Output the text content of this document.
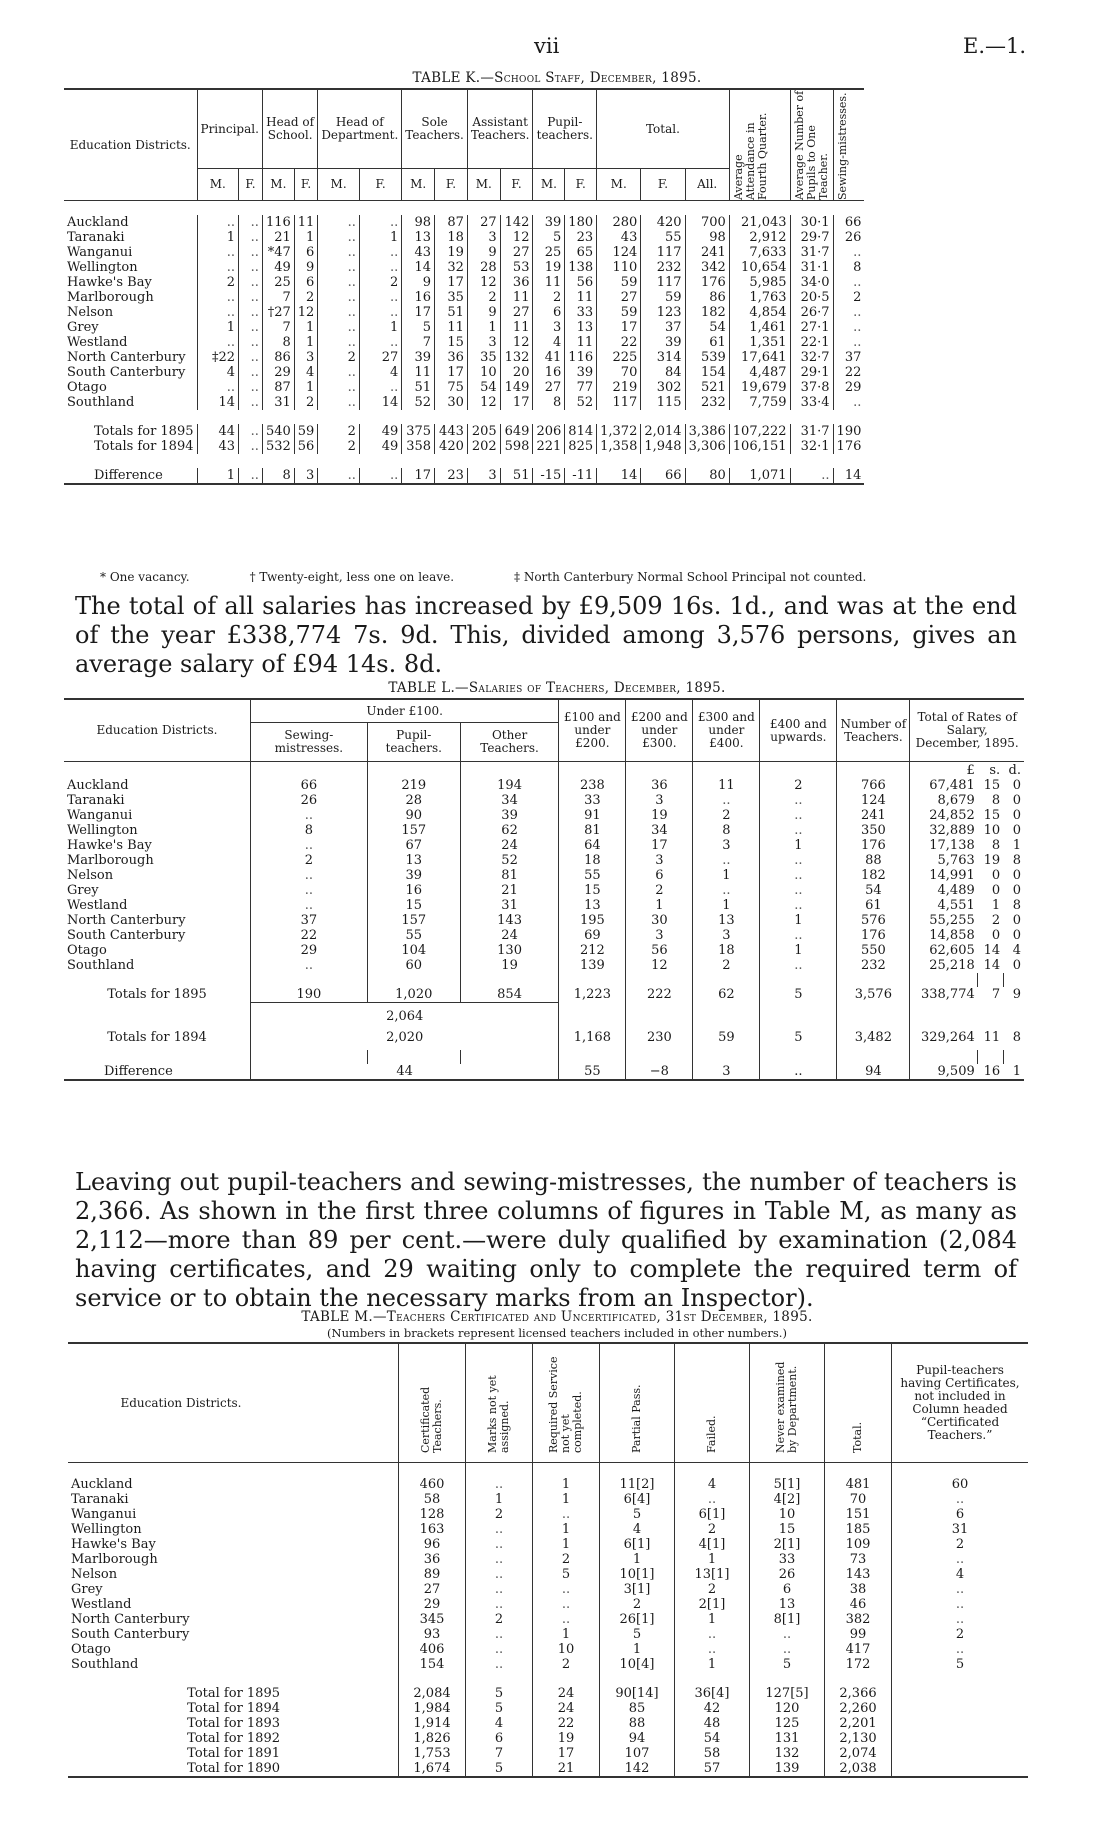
vii	E.—1.
TABLE K.—School Staff, December, 1895.
Education Districts.	Principal.		Head of School.		Head of Department.		Sole Teachers.		Assistant Teachers.		Pupil-teachers.		Total.			Average Attendance in Fourth Quarter.	Average Number of Pupils to One Teacher.	Sewing-mistresses.

	M.	F.	M.	F.	M.	F.	M.	F.	M.	F.	M.	F.	M.	F.	All.			

Auckland	..	..	116	11	..	..	98	87	27	142	39	180	280	420	700	21,043	30·1	66
Taranaki	1	..	21	1	..	1	13	18	3	12	5	23	43	55	98	2,912	29·7	26
Wanganui	..	..	*47	6	..	..	43	19	9	27	25	65	124	117	241	7,633	31·7	..
Wellington	..	..	49	9	..	..	14	32	28	53	19	138	110	232	342	10,654	31·1	8
Hawke's Bay	2	..	25	6	..	2	9	17	12	36	11	56	59	117	176	5,985	34·0	..
Marlborough	..	..	7	2	..	..	16	35	2	11	2	11	27	59	86	1,763	20·5	2
Nelson	..	..	†27	12	..	..	17	51	9	27	6	33	59	123	182	4,854	26·7	..
Grey	1	..	7	1	..	1	5	11	1	11	3	13	17	37	54	1,461	27·1	..
Westland	..	..	8	1	..	..	7	15	3	12	4	11	22	39	61	1,351	22·1	..
North Canterbury	‡22	..	86	3	2	27	39	36	35	132	41	116	225	314	539	17,641	32·7	37
South Canterbury	4	..	29	4	..	4	11	17	10	20	16	39	70	84	154	4,487	29·1	22
Otago	..	..	87	1	..	..	51	75	54	149	27	77	219	302	521	19,679	37·8	29
Southland	14	..	31	2	..	14	52	30	12	17	8	52	117	115	232	7,759	33·4	..

Totals for 1895	44	..	540	59	2	49	375	443	205	649	206	814	1,372	2,014	3,386	107,222	31·7	190
Totals for 1894	43	..	532	56	2	49	358	420	202	598	221	825	1,358	1,948	3,306	106,151	32·1	176

Difference	1	..	8	3	..	..	17	23	3	51	-15	-11	14	66	80	1,071	..	14
* One vacancy.	† Twenty-eight, less one on leave.	‡ North Canterbury Normal School Principal not counted.
The total of all salaries has increased by £9,509 16s. 1d., and was at the end of the year £338,774 7s. 9d. This, divided among 3,576 persons, gives an average salary of £94 14s. 8d.
TABLE L.—Salaries of Teachers, December, 1895.
Education Districts.	Under £100.			£100 and under £200.	£200 and under £300.	£300 and under £400.	£400 and upwards.	Number of Teachers.	Total of Rates of Salary, December, 1895.		
	Sewing-mistresses.	Pupil-teachers.	Other Teachers.								
									£	s.	d.
Auckland	66	219	194	238	36	11	2	766	67,481	15	0
Taranaki	26	28	34	33	3	..	..	124	8,679	8	0
Wanganui	..	90	39	91	19	2	..	241	24,852	15	0
Wellington	8	157	62	81	34	8	..	350	32,889	10	0
Hawke's Bay	..	67	24	64	17	3	1	176	17,138	8	1
Marlborough	2	13	52	18	3	..	..	88	5,763	19	8
Nelson	..	39	81	55	6	1	..	182	14,991	0	0
Grey	..	16	21	15	2	..	..	54	4,489	0	0
Westland	..	15	31	13	1	1	..	61	4,551	1	8
North Canterbury	37	157	143	195	30	13	1	576	55,255	2	0
South Canterbury	22	55	24	69	3	3	..	176	14,858	0	0
Otago	29	104	130	212	56	18	1	550	62,605	14	4
Southland	..	60	19	139	12	2	..	232	25,218	14	0

Totals for 1895	190	1,020	854	1,223	222	62	5	3,576	338,774	7	9
	2,064										
Totals for 1894	2,020			1,168	230	59	5	3,482	329,264	11	8

Difference	44			55	−8	3	..	94	9,509	16	1
Leaving out pupil-teachers and sewing-mistresses, the number of teachers is 2,366. As shown in the first three columns of figures in Table M, as many as 2,112—more than 89 per cent.—were duly qualified by examination (2,084 having certificates, and 29 waiting only to complete the required term of service or to obtain the necessary marks from an Inspector).
TABLE M.—Teachers Certificated and Uncertificated, 31st December, 1895.
(Numbers in brackets represent licensed teachers included in other numbers.)
Education Districts.		Certificated Teachers.	Marks not yet assigned.	Required Service not yet completed.	Partial Pass.	Failed.	Never examined by Department.	Total.	Pupil-teachers having Certificates, not included in Column headed “Certificated Teachers.”

Auckland		460	..	1	11[2]	4	5[1]	481	60
Taranaki		58	1	1	6[4]	..	4[2]	70	..
Wanganui		128	2	..	5	6[1]	10	151	6
Wellington		163	..	1	4	2	15	185	31
Hawke's Bay		96	..	1	6[1]	4[1]	2[1]	109	2
Marlborough		36	..	2	1	1	33	73	..
Nelson		89	..	5	10[1]	13[1]	26	143	4
Grey		27	..	..	3[1]	2	6	38	..
Westland		29	..	..	2	2[1]	13	46	..
North Canterbury		345	2	..	26[1]	1	8[1]	382	..
South Canterbury		93	..	1	5	..	..	99	2
Otago		406	..	10	1	..	..	417	..
Southland		154	..	2	10[4]	1	5	172	5

Total for 1895		2,084	5	24	90[14]	36[4]	127[5]	2,366	
Total for 1894		1,984	5	24	85	42	120	2,260	
Total for 1893		1,914	4	22	88	48	125	2,201	
Total for 1892		1,826	6	19	94	54	131	2,130	
Total for 1891		1,753	7	17	107	58	132	2,074	
Total for 1890		1,674	5	21	142	57	139	2,038	
